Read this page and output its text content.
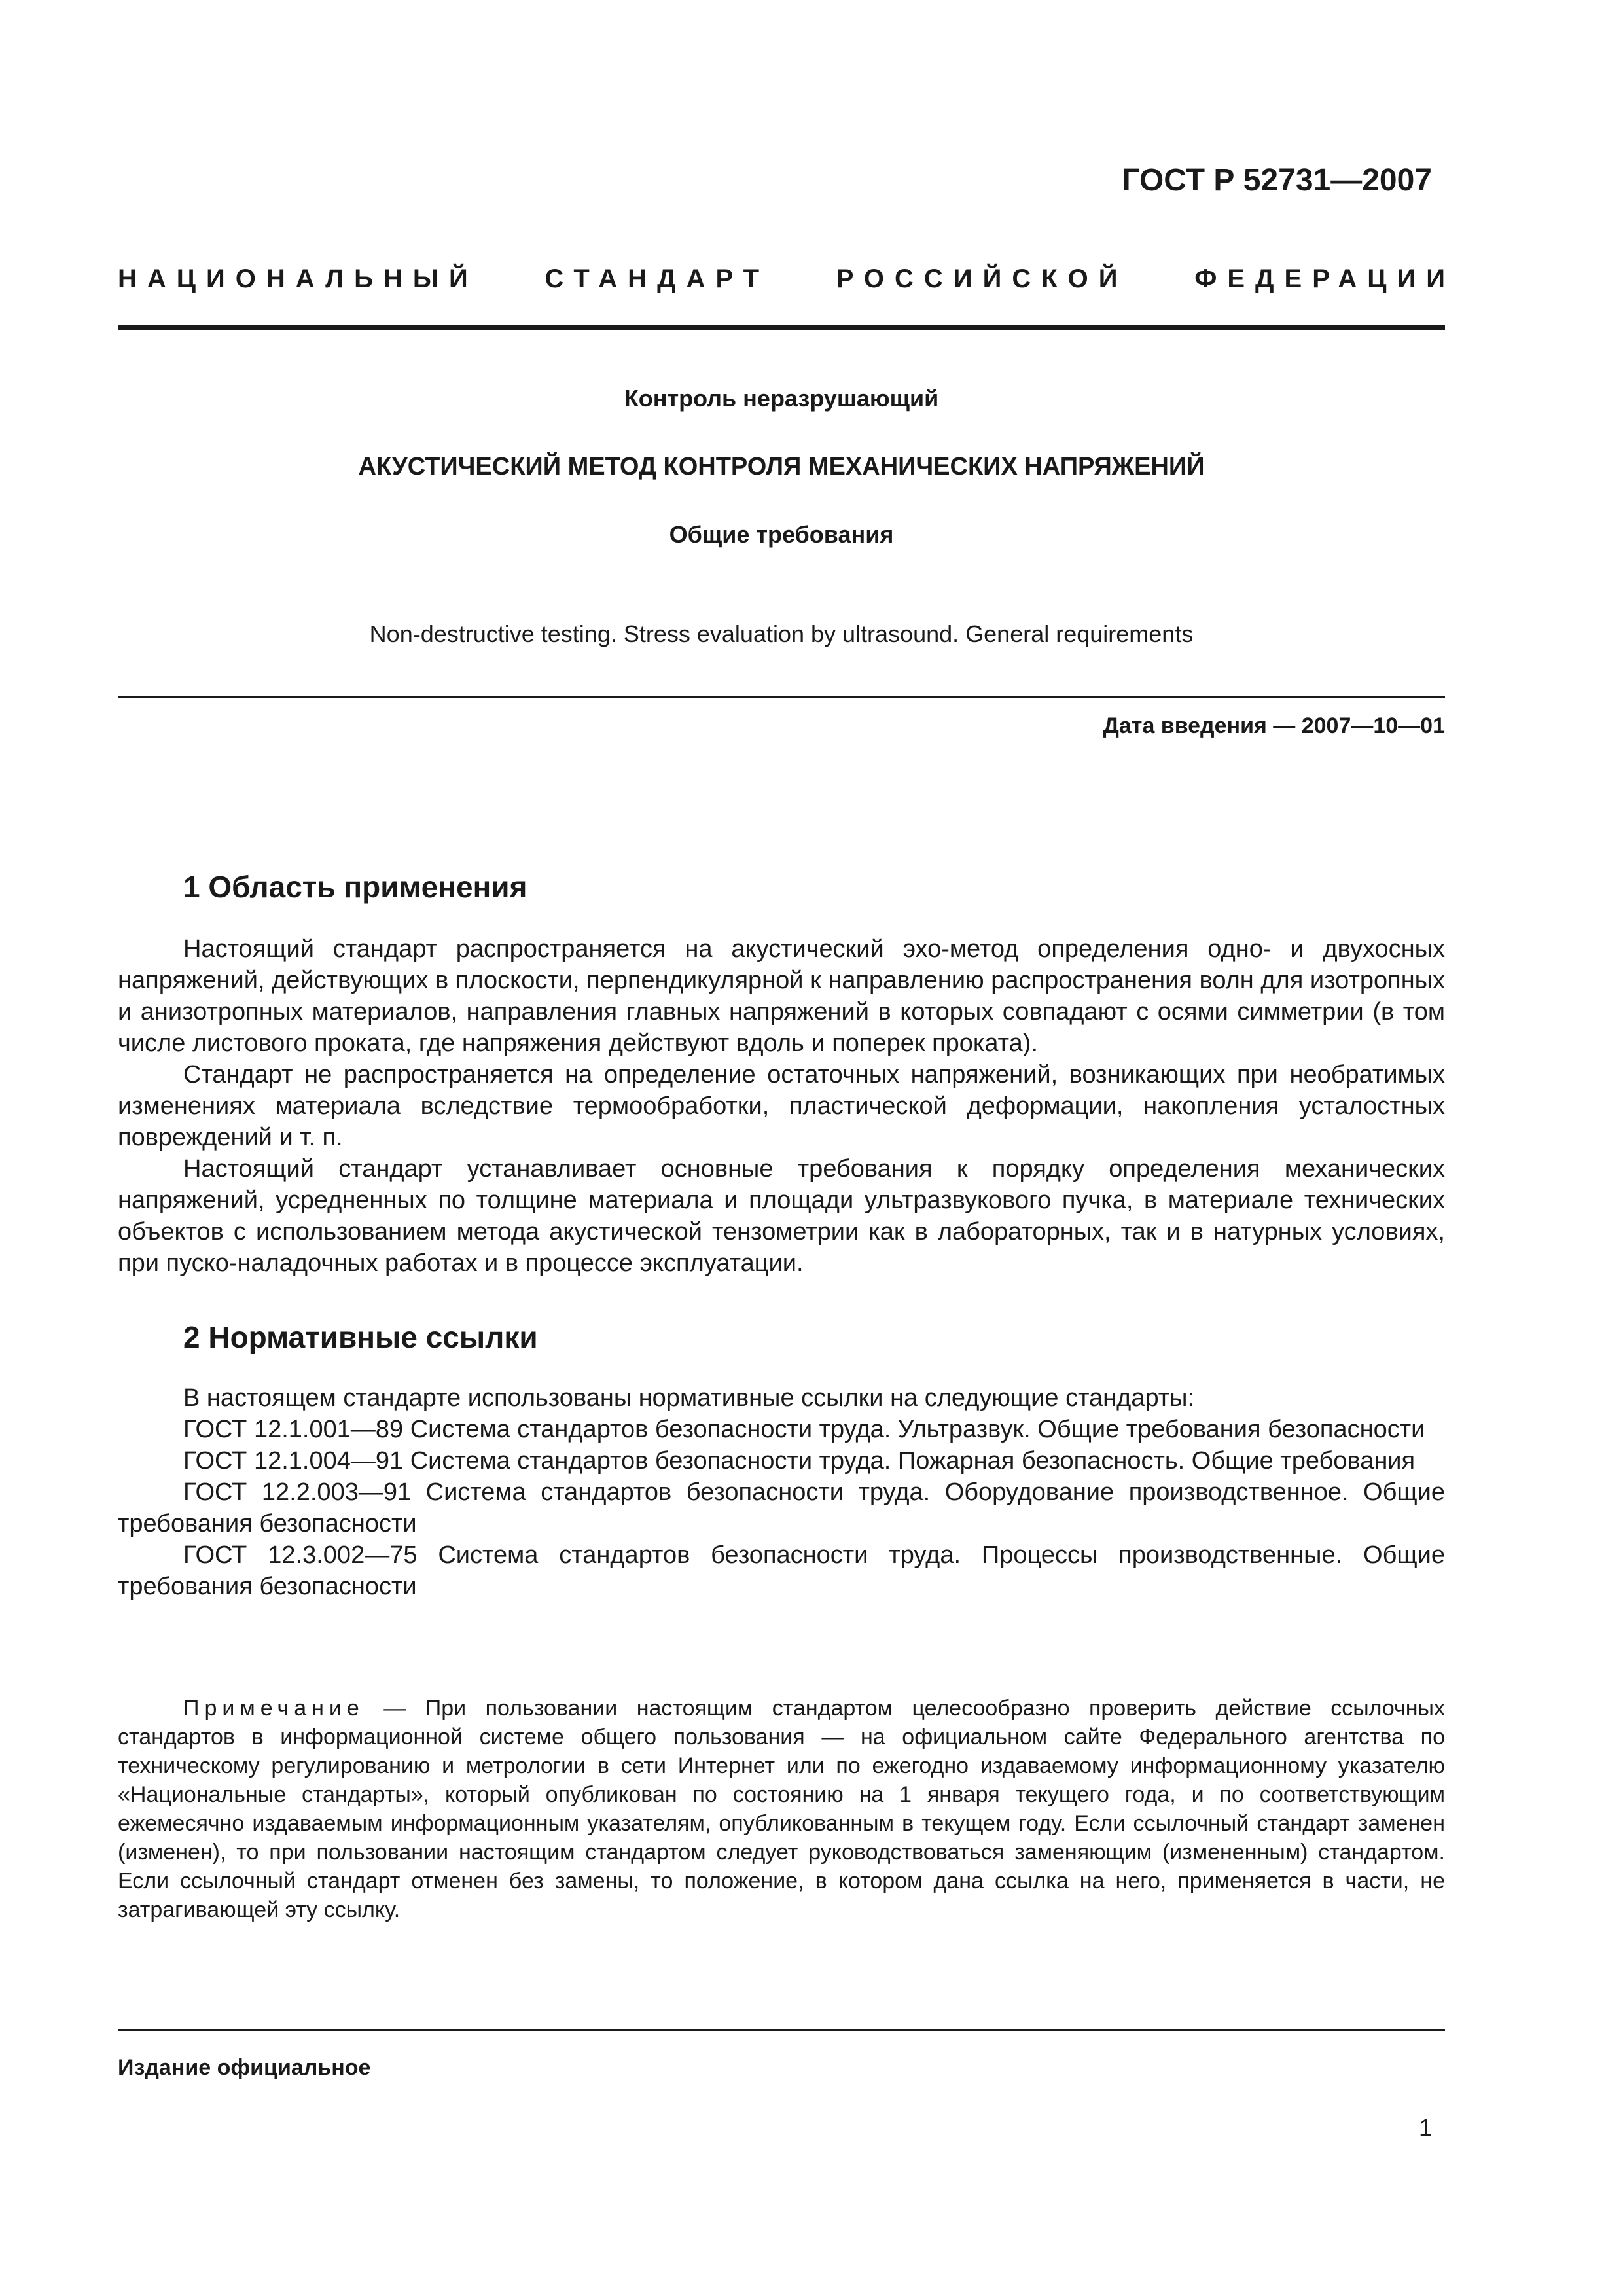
ГОСТ Р 52731—2007
НАЦИОНАЛЬНЫЙ	СТАНДАРТ	РОССИЙСКОЙ	ФЕДЕРАЦИИ
Контроль неразрушающий
АКУСТИЧЕСКИЙ МЕТОД КОНТРОЛЯ МЕХАНИЧЕСКИХ НАПРЯЖЕНИЙ
Общие требования
Non-destructive testing. Stress evaluation by ultrasound. General requirements
Дата введения — 2007—10—01
1 Область применения

Настоящий стандарт распространяется на акустический эхо-метод определения одно- и двухосных напряжений, действующих в плоскости, перпендикулярной к направлению распространения волн для изотропных и анизотропных материалов, направления главных напряжений в которых совпадают с осями симметрии (в том числе листового проката, где напряжения действуют вдоль и поперек проката).

Стандарт не распространяется на определение остаточных напряжений, возникающих при необратимых изменениях материала вследствие термообработки, пластической деформации, накопления усталостных повреждений и т. п.

Настоящий стандарт устанавливает основные требования к порядку определения механических напряжений, усредненных по толщине материала и площади ультразвукового пучка, в материале технических объектов с использованием метода акустической тензометрии как в лабораторных, так и в натурных условиях, при пуско-наладочных работах и в процессе эксплуатации.

2 Нормативные ссылки

В настоящем стандарте использованы нормативные ссылки на следующие стандарты:

ГОСТ 12.1.001—89 Система стандартов безопасности труда. Ультразвук. Общие требования безопасности

ГОСТ 12.1.004—91 Система стандартов безопасности труда. Пожарная безопасность. Общие требования

ГОСТ 12.2.003—91 Система стандартов безопасности труда. Оборудование производственное. Общие требования безопасности

ГОСТ 12.3.002—75 Система стандартов безопасности труда. Процессы производственные. Общие требования безопасности

Примечание — При пользовании настоящим стандартом целесообразно проверить действие ссылочных стандартов в информационной системе общего пользования — на официальном сайте Федерального агентства по техническому регулированию и метрологии в сети Интернет или по ежегодно издаваемому информационному указателю «Национальные стандарты», который опубликован по состоянию на 1 января текущего года, и по соответствующим ежемесячно издаваемым информационным указателям, опубликованным в текущем году. Если ссылочный стандарт заменен (изменен), то при пользовании настоящим стандартом следует руководствоваться заменяющим (измененным) стандартом. Если ссылочный стандарт отменен без замены, то положение, в котором дана ссылка на него, применяется в части, не затрагивающей эту ссылку.
Издание официальное
1
